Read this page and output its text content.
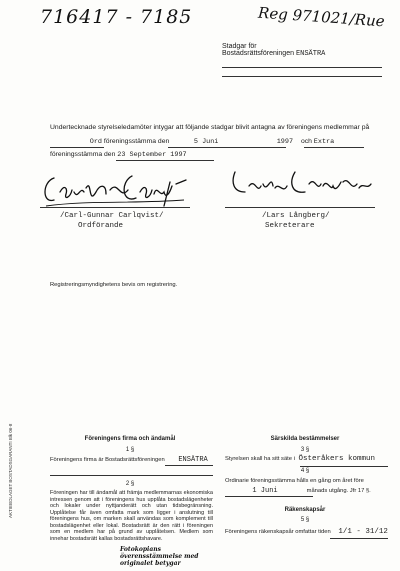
716417 - 7185	Reg 971021/Rue
Stadgar för
Bostadsrättsföreningen ENSÄTRA
Undertecknade styrelseledamöter intygar att följande stadgar blivit antagna av föreningens medlemmar på
Ord föreningsstämma den	5 Juni	1997 och Extra
föreningsstämma den 23 September 1997
/Carl-Gunnar Carlqvist/
Ordförande
/Lars Långberg/
Sekreterare
Registreringsmyndighetens bevis om registrering.
AKTIEBOLAGET BOSTADSGARANTI Blk 06-8	Föreningens firma och ändamål
1 §
Föreningens firma är Bostadsrättsföreningen ENSÄTRA
2 §
Föreningen har till ändamål att främja medlemmarnas ekonomiska intressen genom att i föreningens hus upplåta bostadslägenheter och lokaler under nyttjanderätt och utan tidsbegränsning. Upplåtelse får även omfatta mark som ligger i anslutning till föreningens hus, om marken skall användas som komplement till bostadslägenhet eller lokal. Bostadsrätt är den rätt i föreningen som en medlem har på grund av upplåtelsen. Medlem som innehar bostadsrätt kallas bostadsrättshavare.
Fotokopians överensstämmelse med originalet betygar
Särskilda bestämmelser
3 §
Styrelsen skall ha sitt säte i Österåkers kommun
4 §
Ordinarie föreningsstämma hålls en gång om året före
1 Juni	månads utgång. Jfr 17 §.
Räkenskapsår
5 §
Föreningens räkenskapsår omfattar tiden 1/1 - 31/12
